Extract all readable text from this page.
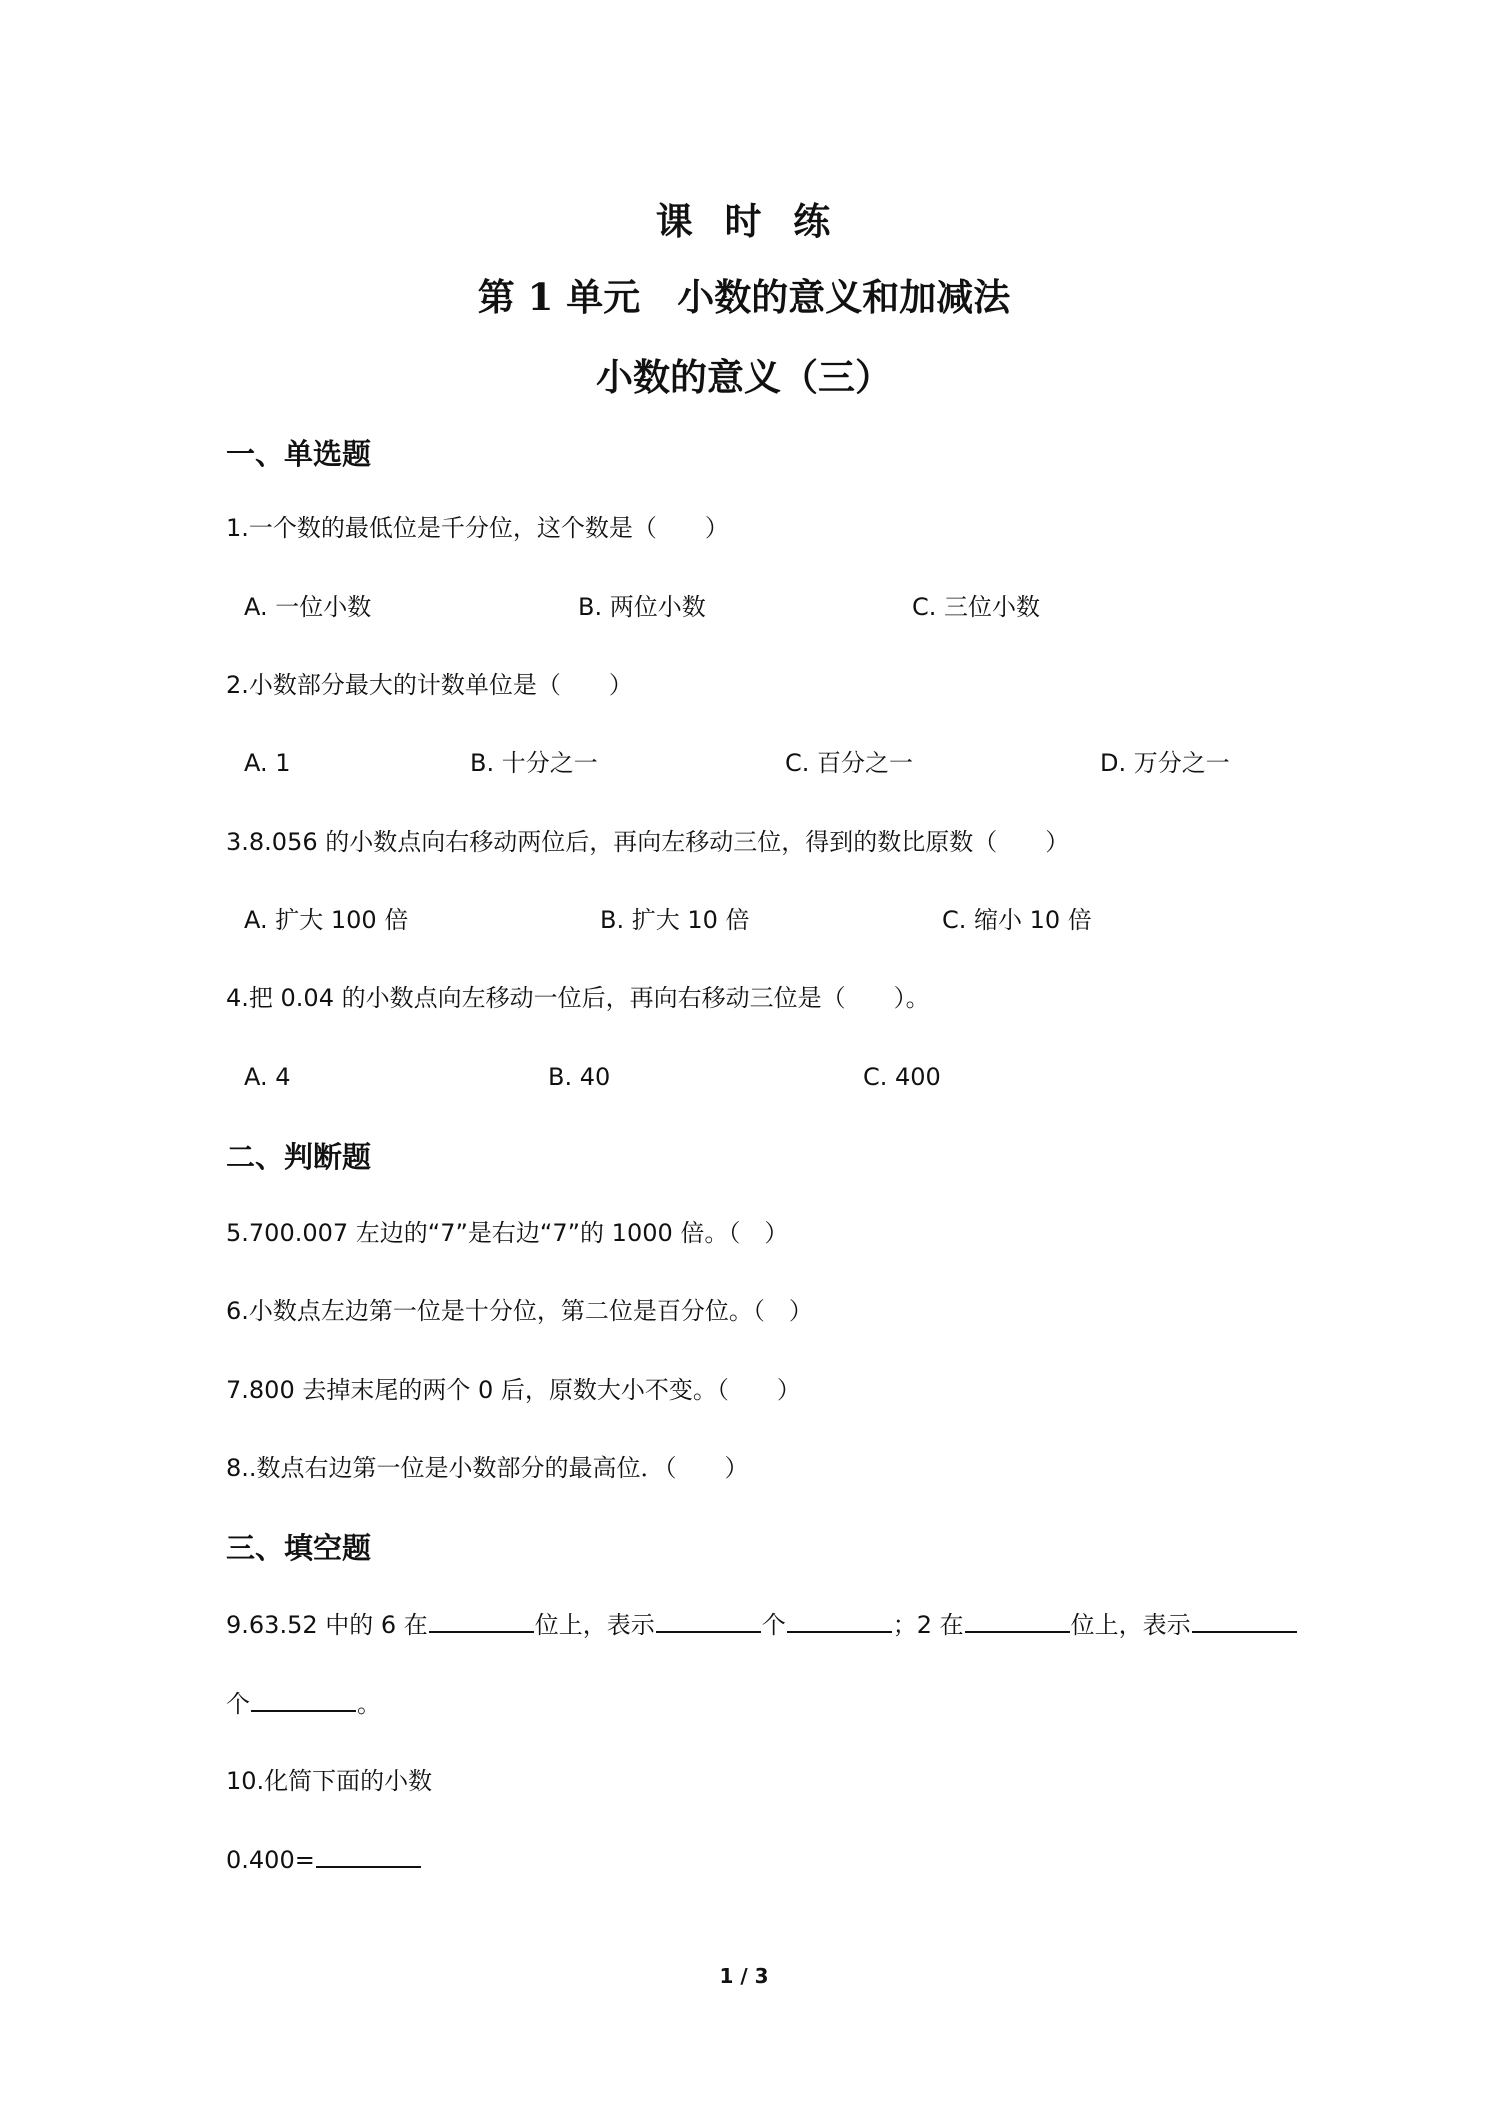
课  时  练
第 1 单元　小数的意义和加减法
小数的意义（三）
一、单选题
1.一个数的最低位是千分位，这个数是（　　）
A. 一位小数	B. 两位小数	C. 三位小数
2.小数部分最大的计数单位是（　　）
A. 1	B. 十分之一	C. 百分之一	D. 万分之一
3.8.056 的小数点向右移动两位后，再向左移动三位，得到的数比原数（　　）
A. 扩大 100 倍	B. 扩大 10 倍	C. 缩小 10 倍
4.把 0.04 的小数点向左移动一位后，再向右移动三位是（　　）。
A. 4	B. 40	C. 400
二、判断题
5.700.007 左边的“7”是右边“7”的 1000 倍。（　）
6.小数点左边第一位是十分位，第二位是百分位。（　）
7.800 去掉末尾的两个 0 后，原数大小不变。（　　）
8..数点右边第一位是小数部分的最高位．（　　）
三、填空题
9.63.52 中的 6 在	位上，表示	个	；2 在	位上，表示
个	。
10.化简下面的小数
0.400=
1 / 3
